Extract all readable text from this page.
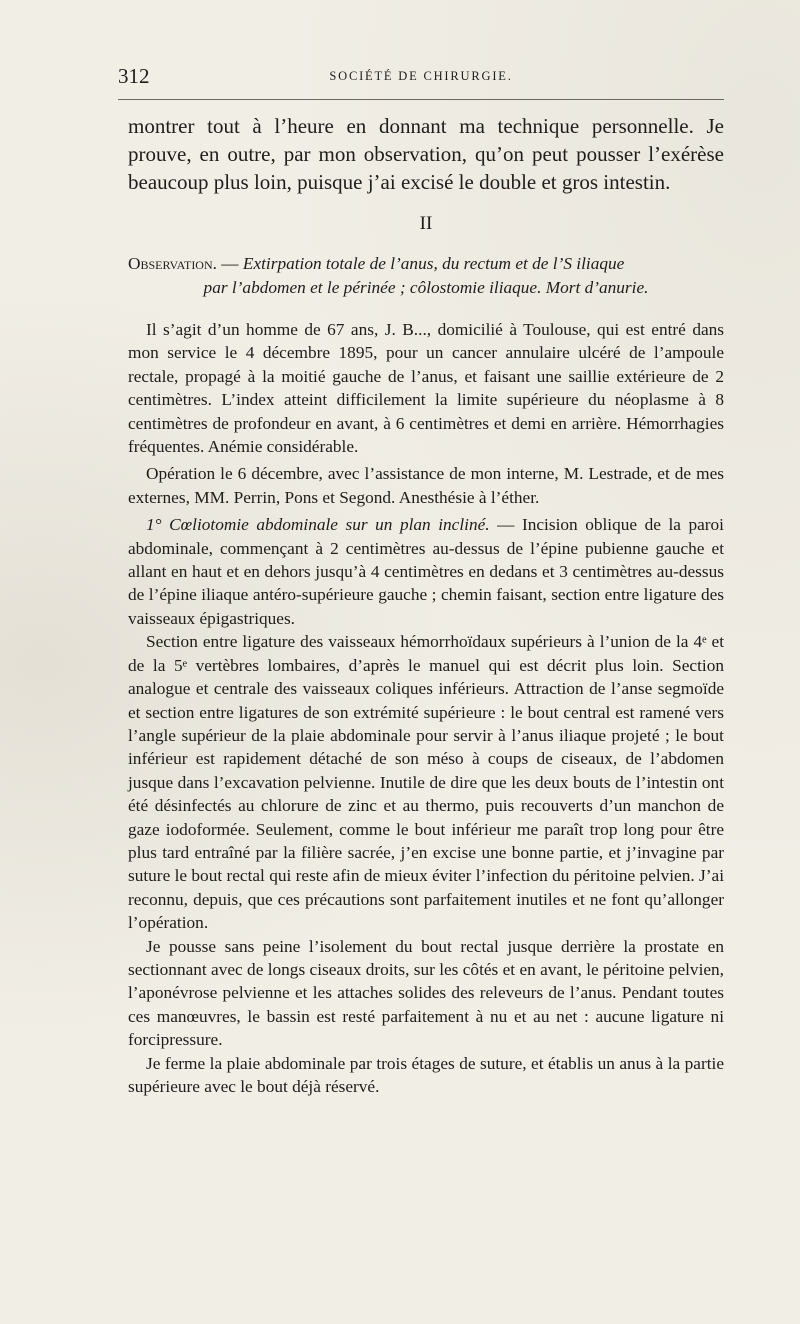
312	SOCIÉTÉ DE CHIRURGIE.

montrer tout à l’heure en donnant ma technique personnelle. Je prouve, en outre, par mon observation, qu’on peut pousser l’exérèse beaucoup plus loin, puisque j’ai excisé le double et gros intestin.

II

Observation. — Extirpation totale de l’anus, du rectum et de l’S iliaque
par l’abdomen et le périnée ; côlostomie iliaque. Mort d’anurie.

Il s’agit d’un homme de 67 ans, J. B..., domicilié à Toulouse, qui est entré dans mon service le 4 décembre 1895, pour un cancer annulaire ulcéré de l’ampoule rectale, propagé à la moitié gauche de l’anus, et faisant une saillie extérieure de 2 centimètres. L’index atteint difficilement la limite supérieure du néoplasme à 8 centimètres de profondeur en avant, à 6 centimètres et demi en arrière. Hémorrhagies fréquentes. Anémie considérable.

Opération le 6 décembre, avec l’assistance de mon interne, M. Lestrade, et de mes externes, MM. Perrin, Pons et Segond. Anesthésie à l’éther.

1° Cœliotomie abdominale sur un plan incliné. — Incision oblique de la paroi abdominale, commençant à 2 centimètres au-dessus de l’épine pubienne gauche et allant en haut et en dehors jusqu’à 4 centimètres en dedans et 3 centimètres au-dessus de l’épine iliaque antéro-supérieure gauche ; chemin faisant, section entre ligature des vaisseaux épigastriques.

Section entre ligature des vaisseaux hémorrhoïdaux supérieurs à l’union de la 4ᵉ et de la 5ᵉ vertèbres lombaires, d’après le manuel qui est décrit plus loin. Section analogue et centrale des vaisseaux coliques inférieurs. Attraction de l’anse segmoïde et section entre ligatures de son extrémité supérieure : le bout central est ramené vers l’angle supérieur de la plaie abdominale pour servir à l’anus iliaque projeté ; le bout inférieur est rapidement détaché de son méso à coups de ciseaux, de l’abdomen jusque dans l’excavation pelvienne. Inutile de dire que les deux bouts de l’intestin ont été désinfectés au chlorure de zinc et au thermo, puis recouverts d’un manchon de gaze iodoformée. Seulement, comme le bout inférieur me paraît trop long pour être plus tard entraîné par la filière sacrée, j’en excise une bonne partie, et j’invagine par suture le bout rectal qui reste afin de mieux éviter l’infection du péritoine pelvien. J’ai reconnu, depuis, que ces précautions sont parfaitement inutiles et ne font qu’allonger l’opération.

Je pousse sans peine l’isolement du bout rectal jusque derrière la prostate en sectionnant avec de longs ciseaux droits, sur les côtés et en avant, le péritoine pelvien, l’aponévrose pelvienne et les attaches solides des releveurs de l’anus. Pendant toutes ces manœuvres, le bassin est resté parfaitement à nu et au net : aucune ligature ni forcipressure.

Je ferme la plaie abdominale par trois étages de suture, et établis un anus à la partie supérieure avec le bout déjà réservé.
